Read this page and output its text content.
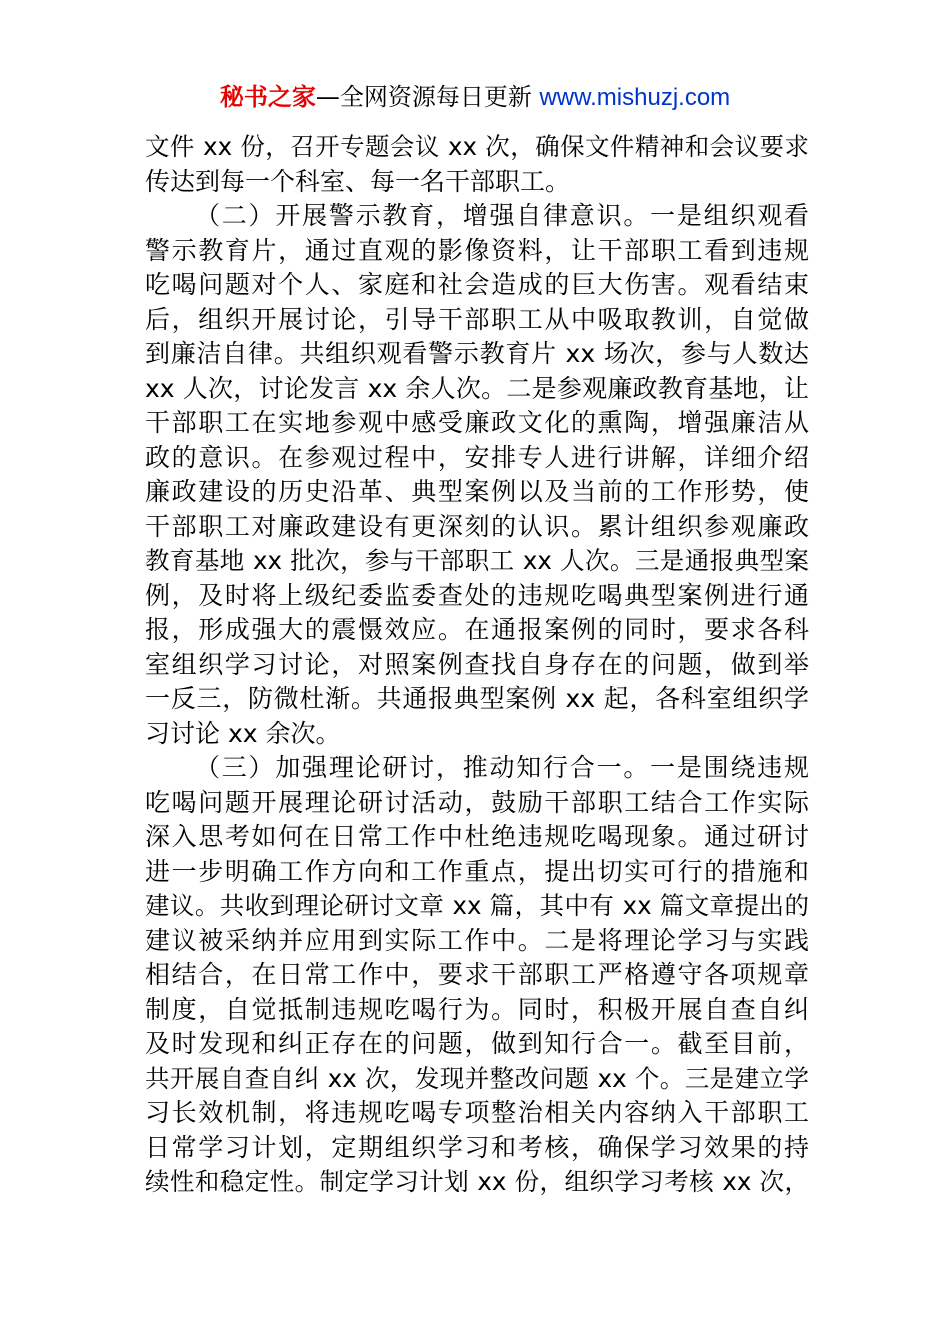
秘书之家—全网资源每日更新 www.mishuzj.com
文件 xx 份，召开专题会议 xx 次，确保文件精神和会议要求
传达到每一个科室、每一名干部职工。
（二）开展警示教育，增强自律意识。一是组织观看
警示教育片，通过直观的影像资料，让干部职工看到违规
吃喝问题对个人、家庭和社会造成的巨大伤害。观看结束
后，组织开展讨论，引导干部职工从中吸取教训，自觉做
到廉洁自律。共组织观看警示教育片 xx 场次，参与人数达
xx 人次，讨论发言 xx 余人次。二是参观廉政教育基地，让
干部职工在实地参观中感受廉政文化的熏陶，增强廉洁从
政的意识。在参观过程中，安排专人进行讲解，详细介绍
廉政建设的历史沿革、典型案例以及当前的工作形势，使
干部职工对廉政建设有更深刻的认识。累计组织参观廉政
教育基地 xx 批次，参与干部职工 xx 人次。三是通报典型案
例，及时将上级纪委监委查处的违规吃喝典型案例进行通
报，形成强大的震慑效应。在通报案例的同时，要求各科
室组织学习讨论，对照案例查找自身存在的问题，做到举
一反三，防微杜渐。共通报典型案例 xx 起，各科室组织学
习讨论 xx 余次。
（三）加强理论研讨，推动知行合一。一是围绕违规
吃喝问题开展理论研讨活动，鼓励干部职工结合工作实际
深入思考如何在日常工作中杜绝违规吃喝现象。通过研讨
进一步明确工作方向和工作重点，提出切实可行的措施和
建议。共收到理论研讨文章 xx 篇，其中有 xx 篇文章提出的
建议被采纳并应用到实际工作中。二是将理论学习与实践
相结合，在日常工作中，要求干部职工严格遵守各项规章
制度，自觉抵制违规吃喝行为。同时，积极开展自查自纠
及时发现和纠正存在的问题，做到知行合一。截至目前，
共开展自查自纠 xx 次，发现并整改问题 xx 个。三是建立学
习长效机制，将违规吃喝专项整治相关内容纳入干部职工
日常学习计划，定期组织学习和考核，确保学习效果的持
续性和稳定性。制定学习计划 xx 份，组织学习考核 xx 次，
